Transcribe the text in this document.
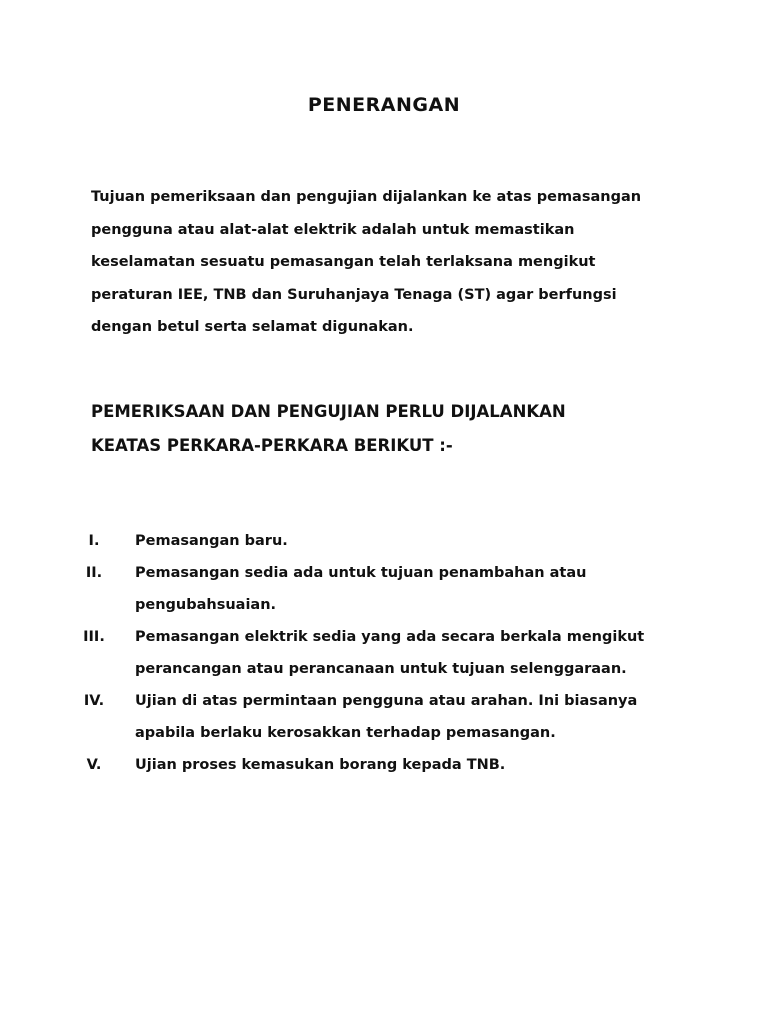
PENERANGAN

Tujuan pemeriksaan dan pengujian dijalankan ke atas pemasangan
pengguna atau alat-alat elektrik adalah untuk memastikan
keselamatan sesuatu pemasangan telah terlaksana mengikut
peraturan IEE, TNB dan Suruhanjaya Tenaga (ST) agar berfungsi
dengan betul serta selamat digunakan.

PEMERIKSAAN DAN PENGUJIAN PERLU DIJALANKAN
KEATAS PERKARA-PERKARA BERIKUT :-
I.	Pemasangan baru.
II.	Pemasangan sedia ada untuk tujuan penambahan atau
pengubahsuaian.
III.	Pemasangan elektrik sedia yang ada secara berkala mengikut
perancangan atau perancanaan untuk tujuan selenggaraan.
IV.	Ujian di atas permintaan pengguna atau arahan. Ini biasanya
apabila berlaku kerosakkan terhadap pemasangan.
V.	Ujian proses kemasukan borang kepada TNB.
